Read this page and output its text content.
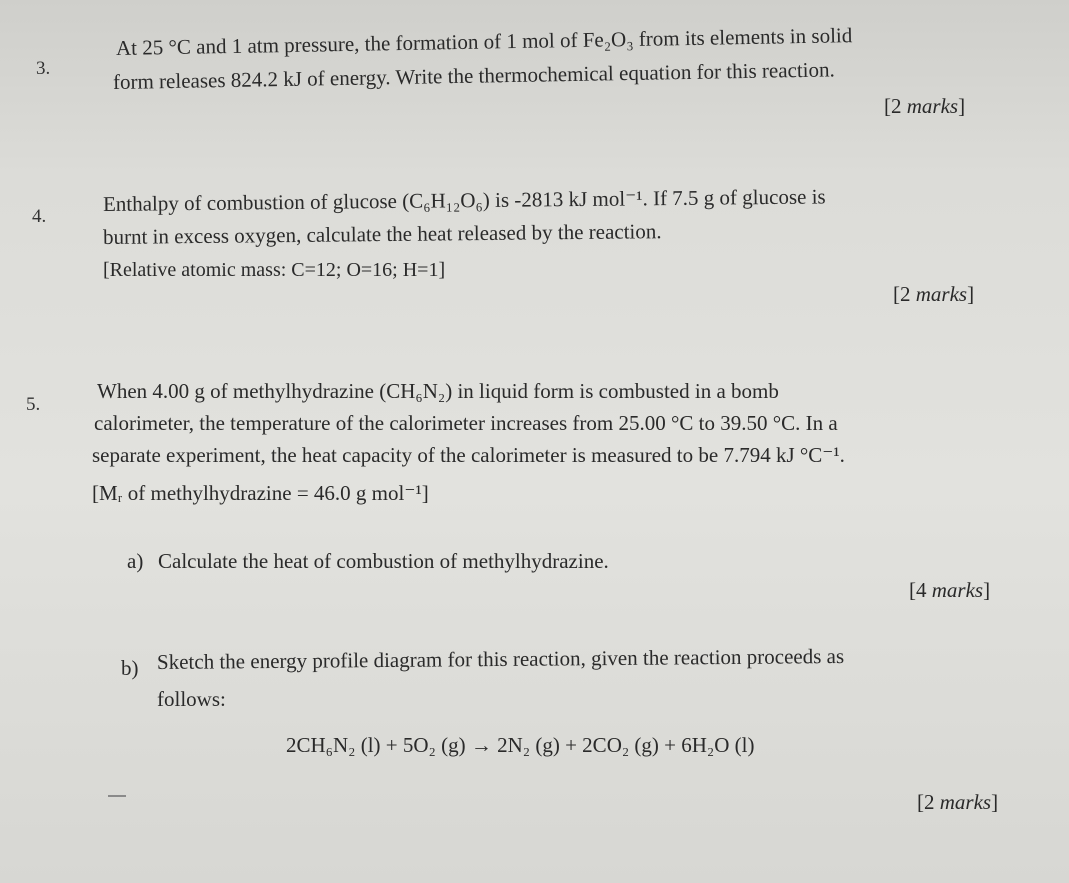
3.
At 25 °C and 1 atm pressure, the formation of 1 mol of Fe₂O₃ from its elements in solid
form releases 824.2 kJ of energy. Write the thermochemical equation for this reaction.
[2 marks]
4.
Enthalpy of combustion of glucose (C₆H₁₂O₆) is -2813 kJ mol⁻¹. If 7.5 g of glucose is
burnt in excess oxygen, calculate the heat released by the reaction.
[Relative atomic mass: C=12; O=16; H=1]
[2 marks]
5.
When 4.00 g of methylhydrazine (CH₆N₂) in liquid form is combusted in a bomb
calorimeter, the temperature of the calorimeter increases from 25.00 °C to 39.50 °C. In a
separate experiment, the heat capacity of the calorimeter is measured to be 7.794 kJ °C⁻¹.
[Mᵣ of methylhydrazine = 46.0 g mol⁻¹]
a) Calculate the heat of combustion of methylhydrazine.
[4 marks]
b) Sketch the energy profile diagram for this reaction, given the reaction proceeds as
follows:
2CH₆N₂ (l) + 5O₂ (g) → 2N₂ (g) + 2CO₂ (g) + 6H₂O (l)
[2 marks]
